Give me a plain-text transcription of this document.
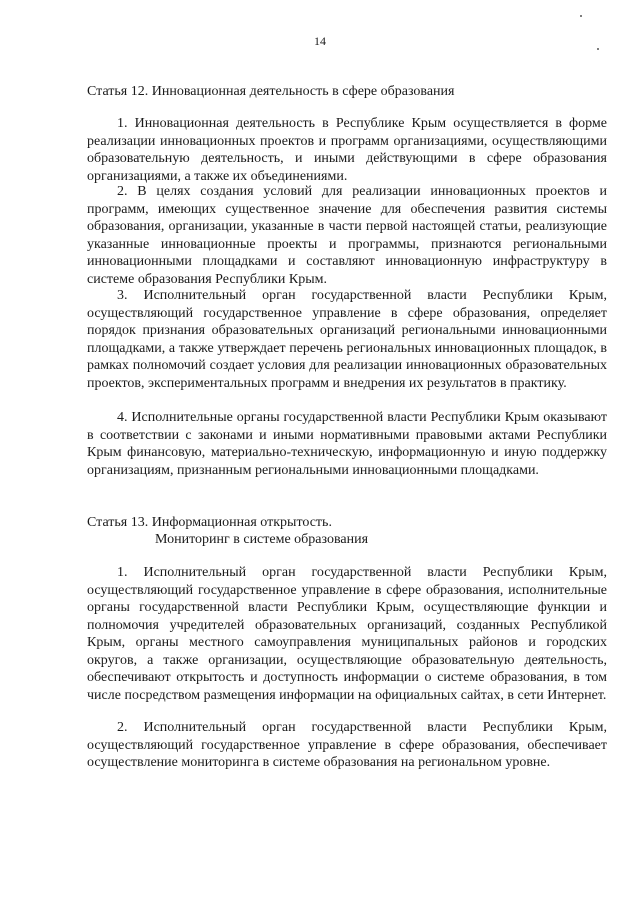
14
Статья 12. Инновационная деятельность в сфере образования

1. Инновационная деятельность в Республике Крым осуществляется в форме реализации инновационных проектов и программ организациями, осуществляющими образовательную деятельность, и иными действующими в сфере образования организациями, а также их объединениями.

2. В целях создания условий для реализации инновационных проектов и программ, имеющих существенное значение для обеспечения развития системы образования, организации, указанные в части первой настоящей статьи, реализующие указанные инновационные проекты и программы, признаются региональными инновационными площадками и составляют инновационную инфраструктуру в системе образования Республики Крым.

3. Исполнительный орган государственной власти Республики Крым, осуществляющий государственное управление в сфере образования, определяет порядок признания образовательных организаций региональными инновационными площадками, а также утверждает перечень региональных инновационных площадок, в рамках полномочий создает условия для реализации инновационных образовательных проектов, экспериментальных программ и внедрения их результатов в практику.

4. Исполнительные органы государственной власти Республики Крым оказывают в соответствии с законами и иными нормативными правовыми актами Республики Крым финансовую, материально-техническую, информационную и иную поддержку организациям, признанным региональными инновационными площадками.

Статья 13. Информационная открытость.
Мониторинг в системе образования

1. Исполнительный орган государственной власти Республики Крым, осуществляющий государственное управление в сфере образования, исполнительные органы государственной власти Республики Крым, осуществляющие функции и полномочия учредителей образовательных организаций, созданных Республикой Крым, органы местного самоуправления муниципальных районов и городских округов, а также организации, осуществляющие образовательную деятельность, обеспечивают открытость и доступность информации о системе образования, в том числе посредством размещения информации на официальных сайтах, в сети Интернет.

2. Исполнительный орган государственной власти Республики Крым, осуществляющий государственное управление в сфере образования, обеспечивает осуществление мониторинга в системе образования на региональном уровне.
